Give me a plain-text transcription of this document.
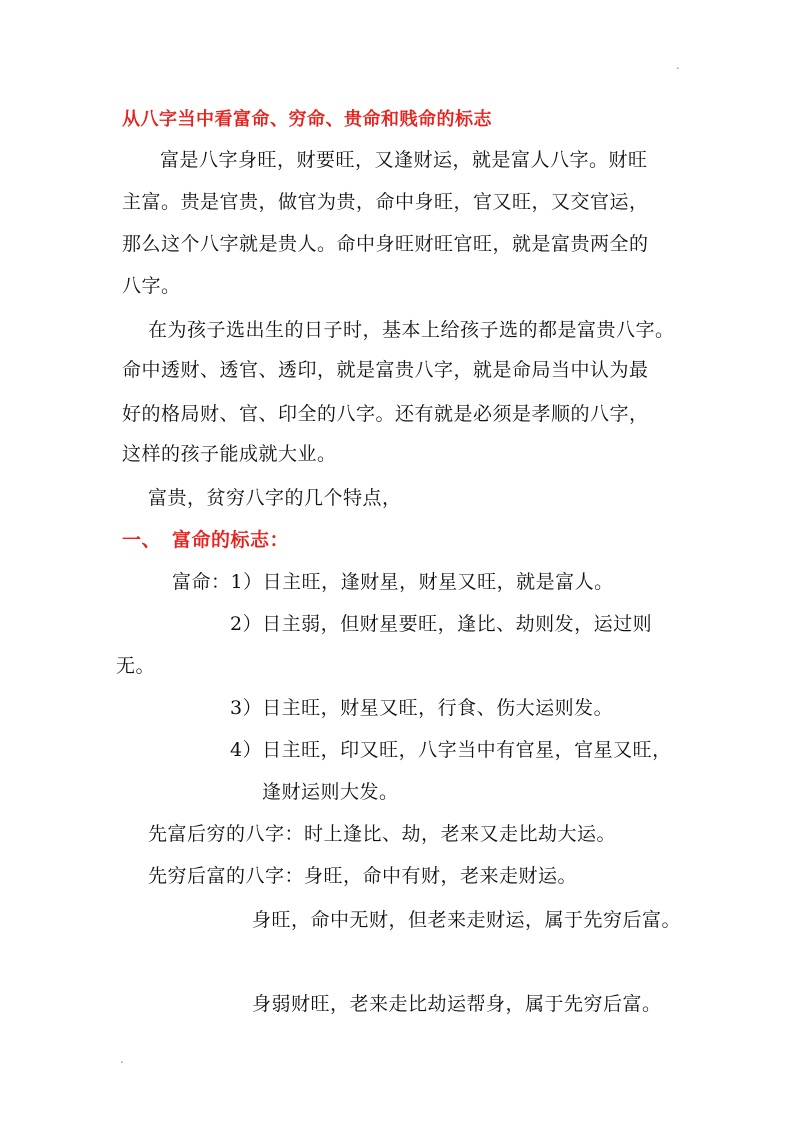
.
从八字当中看富命、穷命、贵命和贱命的标志
富是八字身旺，财要旺，又逢财运，就是富人八字。财旺
主富。贵是官贵，做官为贵，命中身旺，官又旺，又交官运，
那么这个八字就是贵人。命中身旺财旺官旺，就是富贵两全的
八字。
在为孩子选出生的日子时，基本上给孩子选的都是富贵八字。
命中透财、透官、透印，就是富贵八字，就是命局当中认为最
好的格局财、官、印全的八字。还有就是必须是孝顺的八字，
这样的孩子能成就大业。
富贵，贫穷八字的几个特点，
一、 富命的标志：
富命：1）日主旺，逢财星，财星又旺，就是富人。
2）日主弱，但财星要旺，逢比、劫则发，运过则
无。
3）日主旺，财星又旺，行食、伤大运则发。
4）日主旺，印又旺，八字当中有官星，官星又旺，
逢财运则大发。
先富后穷的八字：时上逢比、劫，老来又走比劫大运。
先穷后富的八字：身旺，命中有财，老来走财运。
身旺，命中无财，但老来走财运，属于先穷后富。
身弱财旺，老来走比劫运帮身，属于先穷后富。
.
